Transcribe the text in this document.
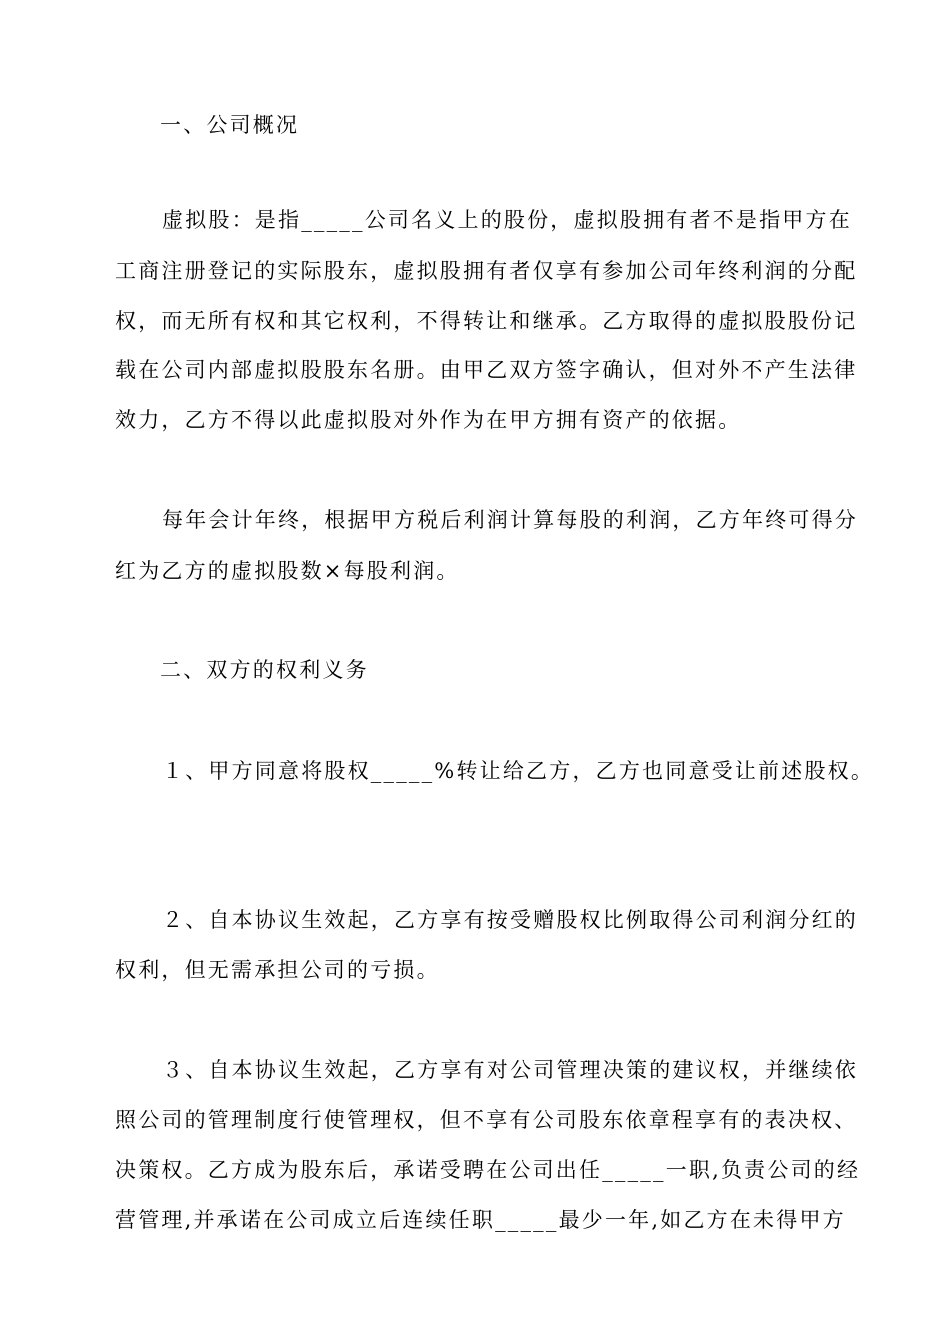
一、公司概况
虚拟股：是指_____公司名义上的股份，虚拟股拥有者不是指甲方在
工商注册登记的实际股东，虚拟股拥有者仅享有参加公司年终利润的分配
权，而无所有权和其它权利，不得转让和继承。乙方取得的虚拟股股份记
载在公司内部虚拟股股东名册。由甲乙双方签字确认，但对外不产生法律
效力，乙方不得以此虚拟股对外作为在甲方拥有资产的依据。
每年会计年终，根据甲方税后利润计算每股的利润，乙方年终可得分
红为乙方的虚拟股数×每股利润。
二、双方的权利义务
１、甲方同意将股权_____%转让给乙方，乙方也同意受让前述股权。
２、自本协议生效起，乙方享有按受赠股权比例取得公司利润分红的
权利，但无需承担公司的亏损。
３、自本协议生效起，乙方享有对公司管理决策的建议权，并继续依
照公司的管理制度行使管理权，但不享有公司股东依章程享有的表决权、
决策权。乙方成为股东后，承诺受聘在公司出任_____一职,负责公司的经
营管理,并承诺在公司成立后连续任职_____最少一年,如乙方在未得甲方
